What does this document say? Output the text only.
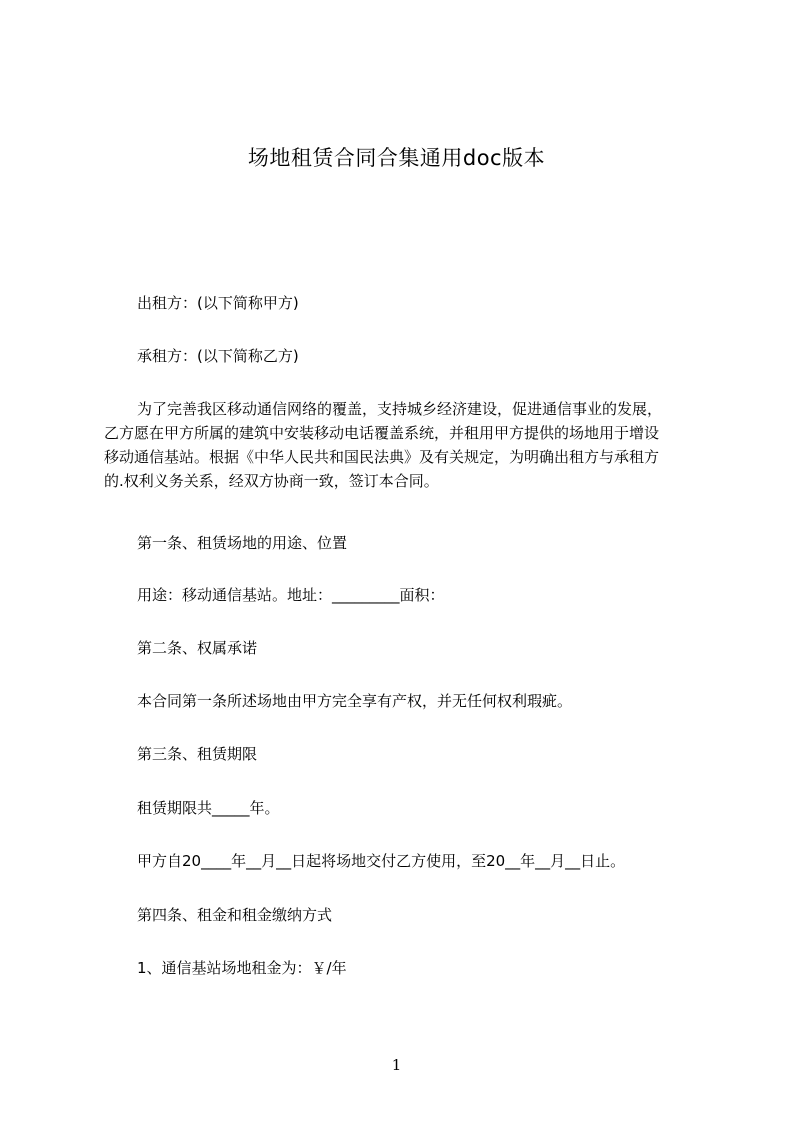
场地租赁合同合集通用doc版本
出租方：(以下简称甲方)
承租方：(以下简称乙方)
为了完善我区移动通信网络的覆盖，支持城乡经济建设，促进通信事业的发展，
乙方愿在甲方所属的建筑中安装移动电话覆盖系统，并租用甲方提供的场地用于增设
移动通信基站。根据《中华人民共和国民法典》及有关规定，为明确出租方与承租方
的.权利义务关系，经双方协商一致，签订本合同。
第一条、租赁场地的用途、位置
用途：移动通信基站。地址：_________面积：
第二条、权属承诺
本合同第一条所述场地由甲方完全享有产权，并无任何权利瑕疵。
第三条、租赁期限
租赁期限共_____年。
甲方自20____年__月__日起将场地交付乙方使用，至20__年__月__日止。
第四条、租金和租金缴纳方式
1、通信基站场地租金为：￥/年
1
